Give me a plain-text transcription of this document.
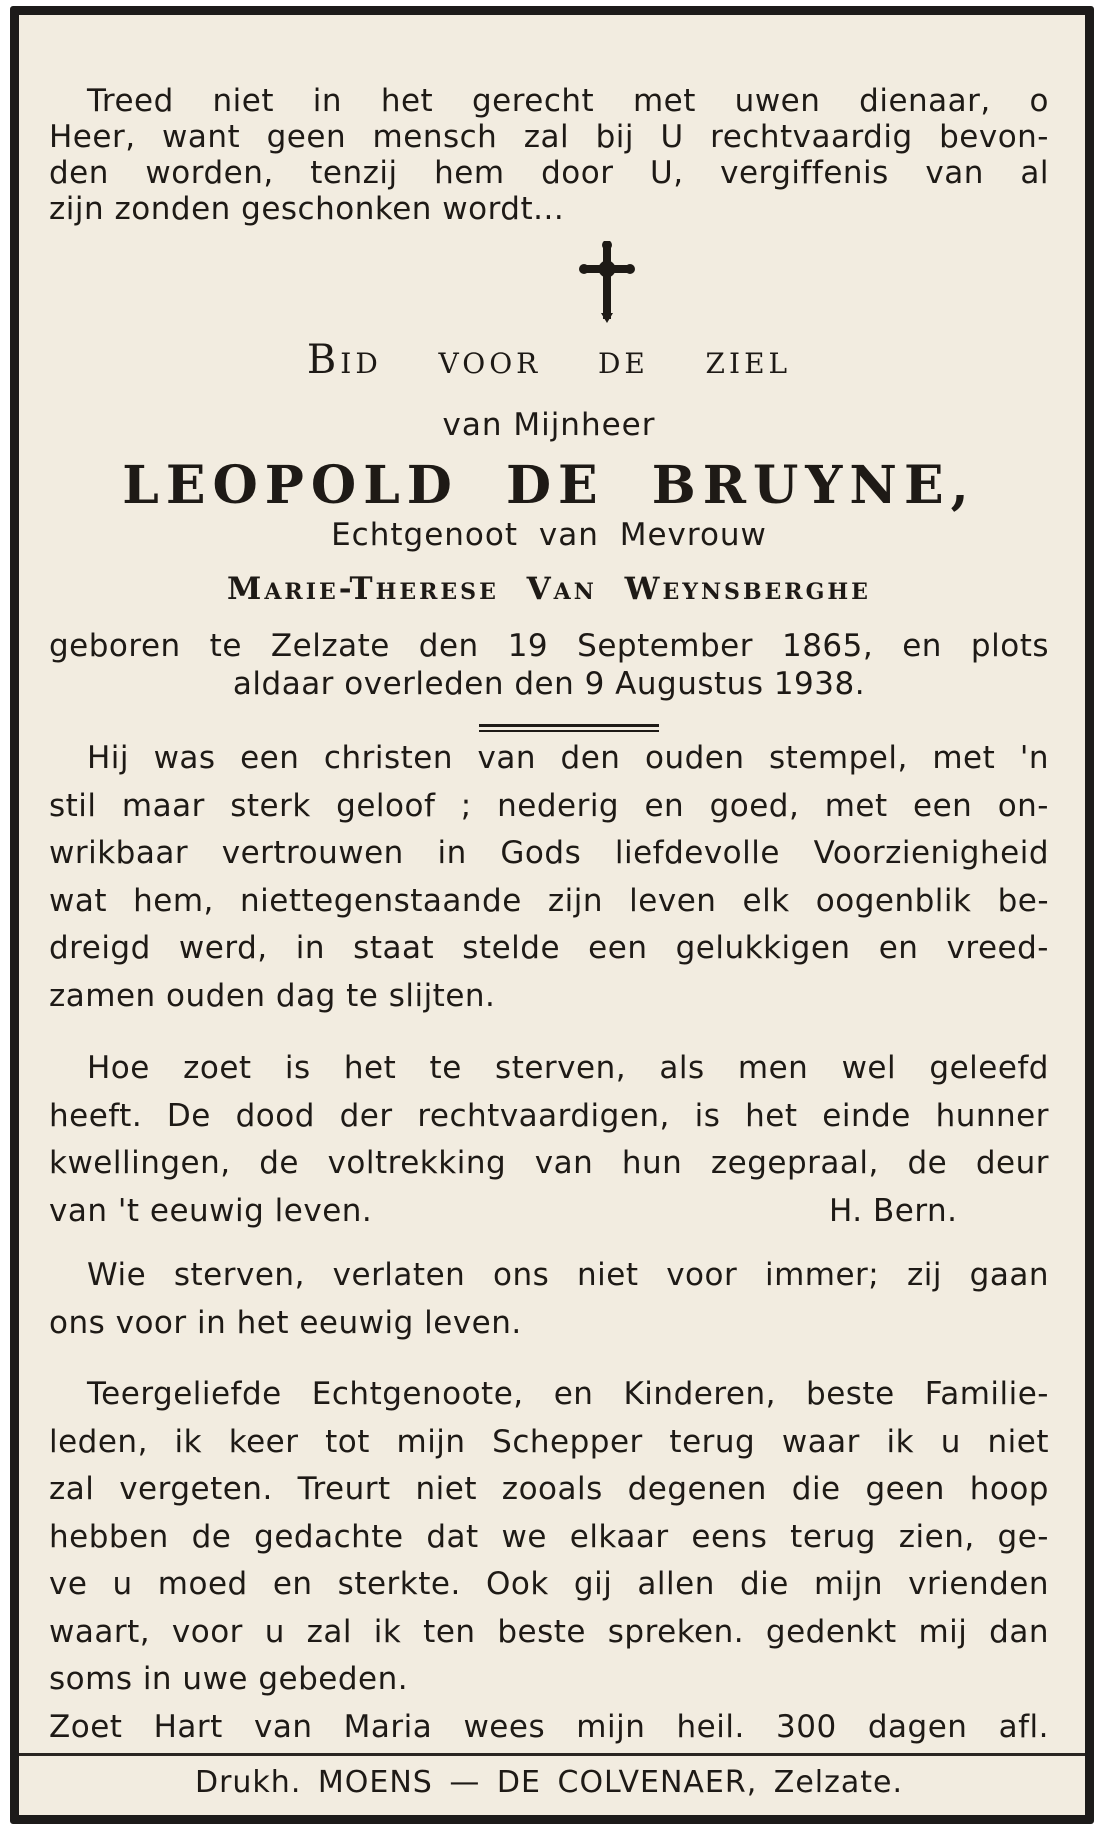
Treed niet in het gerecht met uwen dienaar, o
Heer, want geen mensch zal bij U rechtvaardig bevon-
den worden, tenzij hem door U, vergiffenis van al
zijn zonden geschonken wordt...
Bid voor de ziel
van Mijnheer
LEOPOLD DE BRUYNE,
Echtgenoot van Mevrouw
Marie-Therese Van Weynsberghe
geboren te Zelzate den 19 September 1865, en plots
aldaar overleden den 9 Augustus 1938.
Hij was een christen van den ouden stempel, met 'n
stil maar sterk geloof ; nederig en goed, met een on-
wrikbaar vertrouwen in Gods liefdevolle Voorzienigheid
wat hem, niettegenstaande zijn leven elk oogenblik be-
dreigd werd, in staat stelde een gelukkigen en vreed-
zamen ouden dag te slijten.
Hoe zoet is het te sterven, als men wel geleefd
heeft. De dood der rechtvaardigen, is het einde hunner
kwellingen, de voltrekking van hun zegepraal, de deur
van 't eeuwig leven.	H. Bern.
Wie sterven, verlaten ons niet voor immer; zij gaan
ons voor in het eeuwig leven.
Teergeliefde Echtgenoote, en Kinderen, beste Familie-
leden, ik keer tot mijn Schepper terug waar ik u niet
zal vergeten. Treurt niet zooals degenen die geen hoop
hebben de gedachte dat we elkaar eens terug zien, ge-
ve u moed en sterkte. Ook gij allen die mijn vrienden
waart, voor u zal ik ten beste spreken. gedenkt mij dan
soms in uwe gebeden.
Zoet Hart van Maria wees mijn heil. 300 dagen afl.
Drukh. MOENS — DE COLVENAER, Zelzate.
